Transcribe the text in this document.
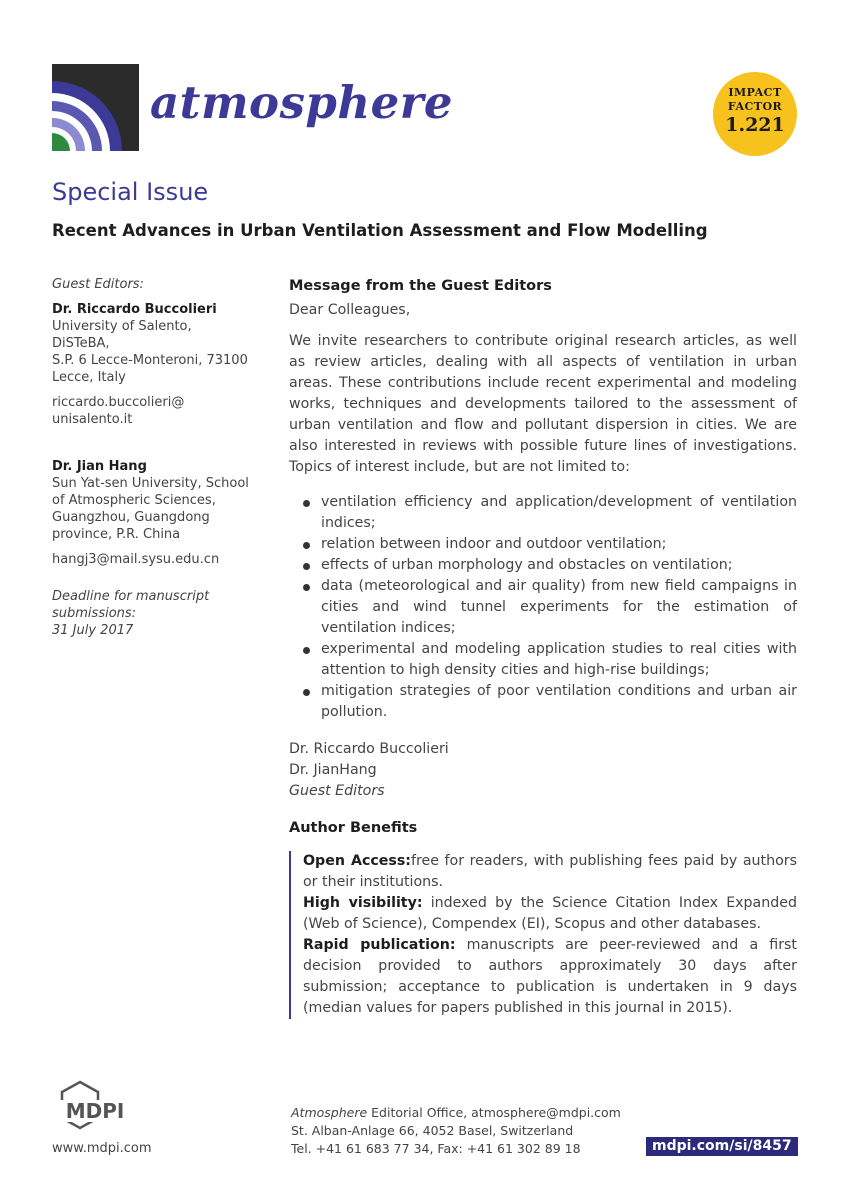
atmosphere	IMPACT
FACTOR
1.221
Special Issue
Recent Advances in Urban Ventilation Assessment and Flow Modelling
Guest Editors:
Dr. Riccardo Buccolieri
University of Salento, DiSTeBA,
S.P. 6 Lecce-Monteroni, 73100
Lecce, Italy
riccardo.buccolieri@
unisalento.it
Dr. Jian Hang
Sun Yat-sen University, School
of Atmospheric Sciences,
Guangzhou, Guangdong
province, P.R. China
hangj3@mail.sysu.edu.cn
Deadline for manuscript
submissions:
31 July 2017
Message from the Guest Editors
Dear Colleagues,
We invite researchers to contribute original research articles, as well as review articles, dealing with all aspects of ventilation in urban areas. These contributions include recent experimental and modeling works, techniques and developments tailored to the assessment of urban ventilation and flow and pollutant dispersion in cities. We are also interested in reviews with possible future lines of investigations. Topics of interest include, but are not limited to:
ventilation efficiency and application/development of ventilation indices;
relation between indoor and outdoor ventilation;
effects of urban morphology and obstacles on ventilation;
data (meteorological and air quality) from new field campaigns in cities and wind tunnel experiments for the estimation of ventilation indices;
experimental and modeling application studies to real cities with attention to high density cities and high-rise buildings;
mitigation strategies of poor ventilation conditions and urban air pollution.
Dr. Riccardo Buccolieri
Dr. JianHang
Guest Editors
Author Benefits
Open Access:free for readers, with publishing fees paid by authors or their institutions.
High visibility: indexed by the Science Citation Index Expanded (Web of Science), Compendex (EI), Scopus and other databases.
Rapid publication: manuscripts are peer-reviewed and a first decision provided to authors approximately 30 days after submission; acceptance to publication is undertaken in 9 days (median values for papers published in this journal in 2015).
MDPI
www.mdpi.com
Atmosphere Editorial Office, atmosphere@mdpi.com
St. Alban-Anlage 66, 4052 Basel, Switzerland
Tel. +41 61 683 77 34, Fax: +41 61 302 89 18	mdpi.com/si/8457
